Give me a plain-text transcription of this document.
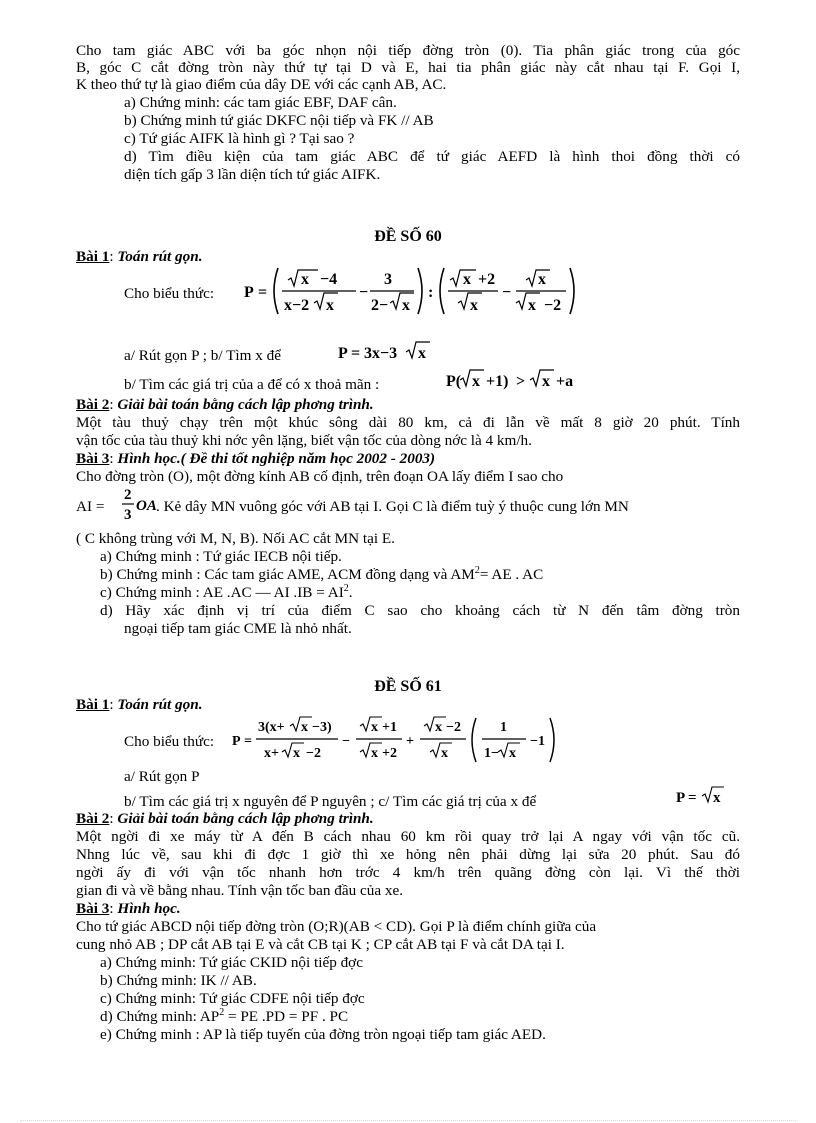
Cho tam giác ABC với ba góc nhọn nội tiếp đờng tròn (0). Tia phân giác trong của góc
B, góc C cắt đờng tròn này thứ tự tại D và E, hai tia phân giác này cắt nhau tại F. Gọi I,
K theo thứ tự là giao điểm của dây DE với các cạnh AB, AC.
a) Chứng minh: các tam giác EBF, DAF cân.
b) Chứng minh tứ giác DKFC nội tiếp và FK // AB
c) Tứ giác AIFK là hình gì ? Tại sao ?
d) Tìm điều kiện của tam giác ABC để tứ giác AEFD là hình thoi đồng thời có
diện tích gấp 3 lần diện tích tứ giác AIFK.
ĐỀ SỐ 60
Bài 1: Toán rút gọn.
Cho biểu thức: P =
x −4
x−2 x
−
3
2− x
:
x +2
x
−
x
x −2
a/ Rút gọn P ; b/ Tìm x để	P = 3x−3 x
b/ Tìm các giá trị của a để có x thoả mãn :	P( x +1) > x +a
Bài 2: Giải bài toán bằng cách lập phơng trình.
Một tàu thuỷ chạy trên một khúc sông dài 80 km, cả đi lẫn về mất 8 giờ 20 phút. Tính
vận tốc của tàu thuỷ khi nớc yên lặng, biết vận tốc của dòng nớc là 4 km/h.
Bài 3: Hình học.( Đề thi tốt nghiệp năm học 2002 - 2003)
Cho đờng tròn (O), một đờng kính AB cố định, trên đoạn OA lấy điểm I sao cho
AI =
2
3
OA . Kẻ dây MN vuông góc với AB tại I. Gọi C là điểm tuỳ ý thuộc cung lớn MN
( C không trùng với M, N, B). Nối AC cắt MN tại E.
a) Chứng minh : Tứ giác IECB nội tiếp.
b) Chứng minh : Các tam giác AME, ACM đồng dạng và $AM^2=$ AE . AC
c) Chứng minh : AE .AC — AI $.IB = AI^2$.
d) Hãy xác định vị trí của điểm C sao cho khoảng cách từ N đến tâm đờng tròn
ngoại tiếp tam giác CME là nhỏ nhất.
ĐỀ SỐ 61
Bài 1: Toán rút gọn.
Cho biểu thức: P =
3(x+ x −3)
x+ x −2
−
x +1
x +2
+
x −2
x
1
1− x
−1
a/ Rút gọn P
b/ Tìm các giá trị x nguyên để P nguyên ; c/ Tìm các giá trị của x để	P = x
Bài 2: Giải bài toán bằng cách lập phơng trình.
Một ngời đi xe máy từ A đến B cách nhau 60 km rồi quay trở lại A ngay với vận tốc cũ.
Nhng lúc về, sau khi đi đợc 1 giờ thì xe hỏng nên phải dừng lại sửa 20 phút. Sau đó
ngời ấy đi với vận tốc nhanh hơn trớc 4 km/h trên quãng đờng còn lại. Vì thế thời
gian đi và về bằng nhau. Tính vận tốc ban đầu của xe.
Bài 3: Hình học.
Cho tứ giác ABCD nội tiếp đờng tròn (O;R)(AB < CD). Gọi P là điểm chính giữa của
cung nhỏ AB ; DP cắt AB tại E và cắt CB tại K ; CP cắt AB tại F và cắt DA tại I.
a) Chứng minh: Tứ giác CKID nội tiếp đợc
b) Chứng minh: IK // AB.
c) Chứng minh: Tứ giác CDFE nội tiếp đợc
d) Chứng minh: $AP^2$ = PE .PD = PF . PC
e) Chứng minh : AP là tiếp tuyến của đờng tròn ngoại tiếp tam giác AED.
